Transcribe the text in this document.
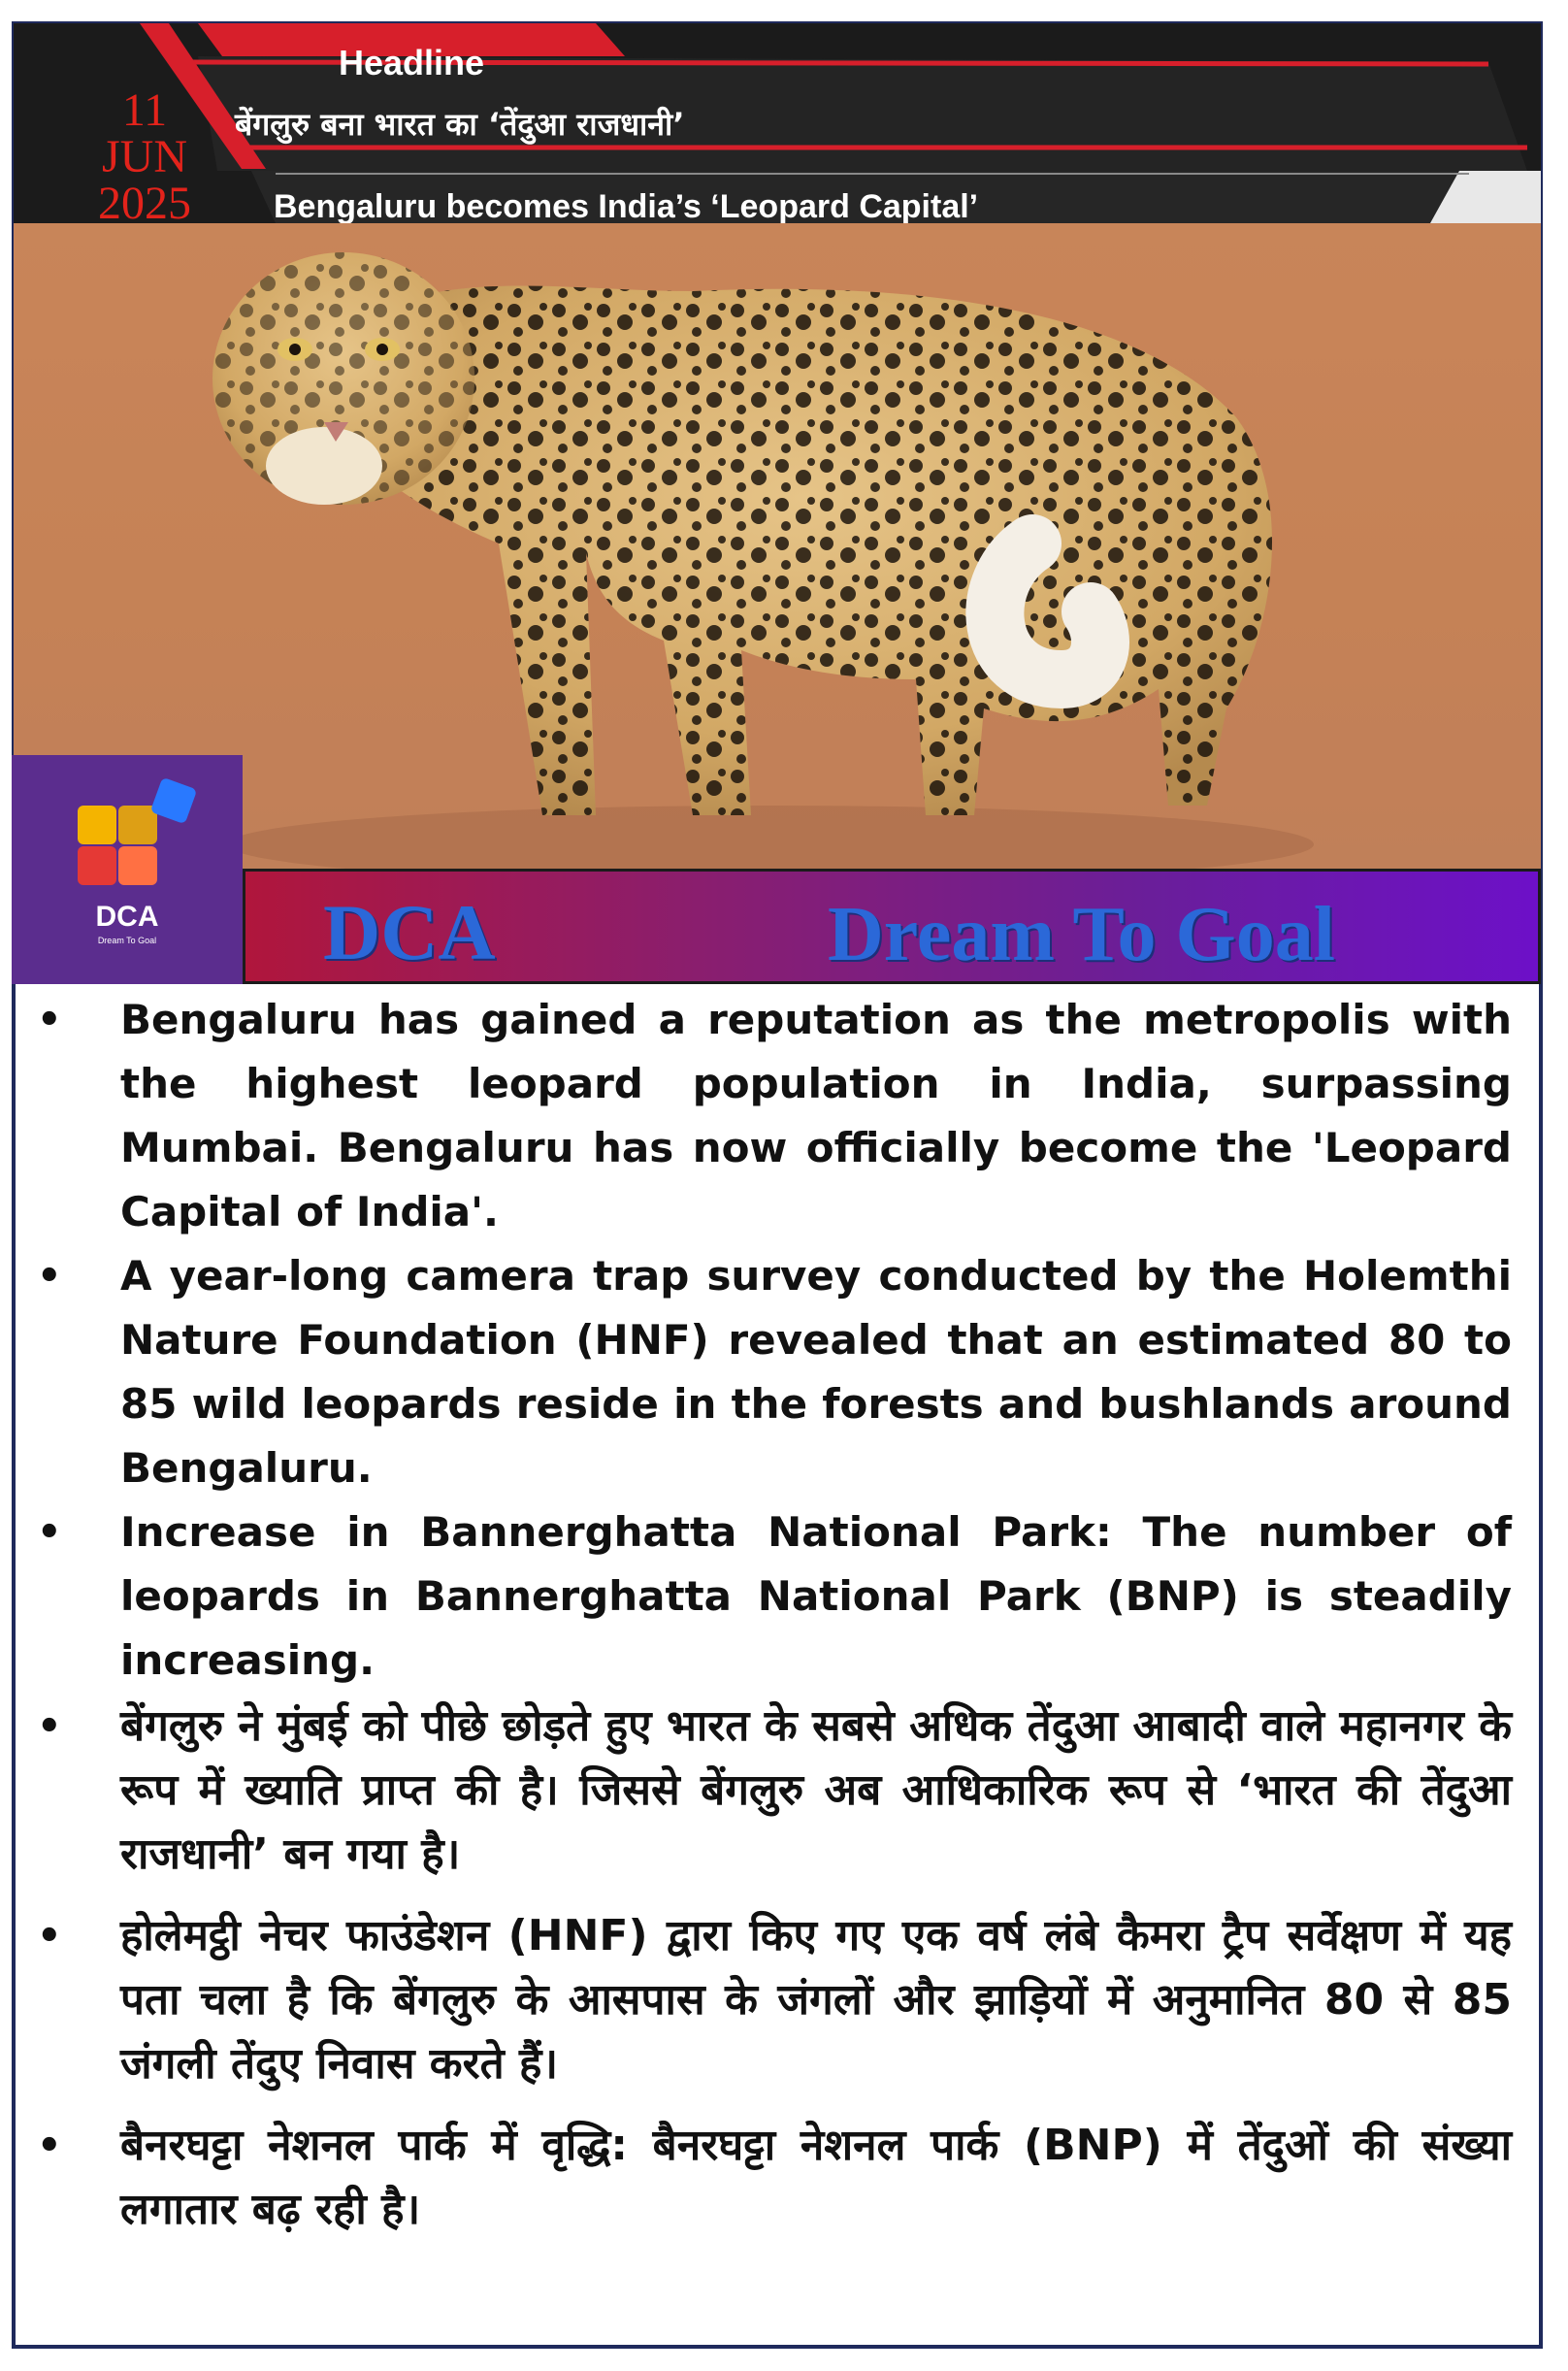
Headline
11
JUN
2025
बेंगलुरु बना भारत का ‘तेंदुआ राजधानी’
Bengaluru becomes India’s ‘Leopard Capital’
DCA
Dream To Goal	DCA	Dream To Goal
• Bengaluru has gained a reputation as the metropolis with the highest leopard population in India, surpassing Mumbai. Bengaluru has now officially become the 'Leopard Capital of India'.
• A year-long camera trap survey conducted by the Holemthi Nature Foundation (HNF) revealed that an estimated 80 to 85 wild leopards reside in the forests and bushlands around Bengaluru.
• Increase in Bannerghatta National Park: The number of leopards in Bannerghatta National Park (BNP) is steadily increasing.
• बेंगलुरु ने मुंबई को पीछे छोड़ते हुए भारत के सबसे अधिक तेंदुआ आबादी वाले महानगर के रूप में ख्याति प्राप्त की है। जिससे बेंगलुरु अब आधिकारिक रूप से ‘भारत की तेंदुआ राजधानी’ बन गया है।
• होलेमट्ठी नेचर फाउंडेशन (HNF) द्वारा किए गए एक वर्ष लंबे कैमरा ट्रैप सर्वेक्षण में यह पता चला है कि बेंगलुरु के आसपास के जंगलों और झाड़ियों में अनुमानित 80 से 85 जंगली तेंदुए निवास करते हैं।
• बैनरघट्टा नेशनल पार्क में वृद्धि: बैनरघट्टा नेशनल पार्क (BNP) में तेंदुओं की संख्या लगातार बढ़ रही है।
